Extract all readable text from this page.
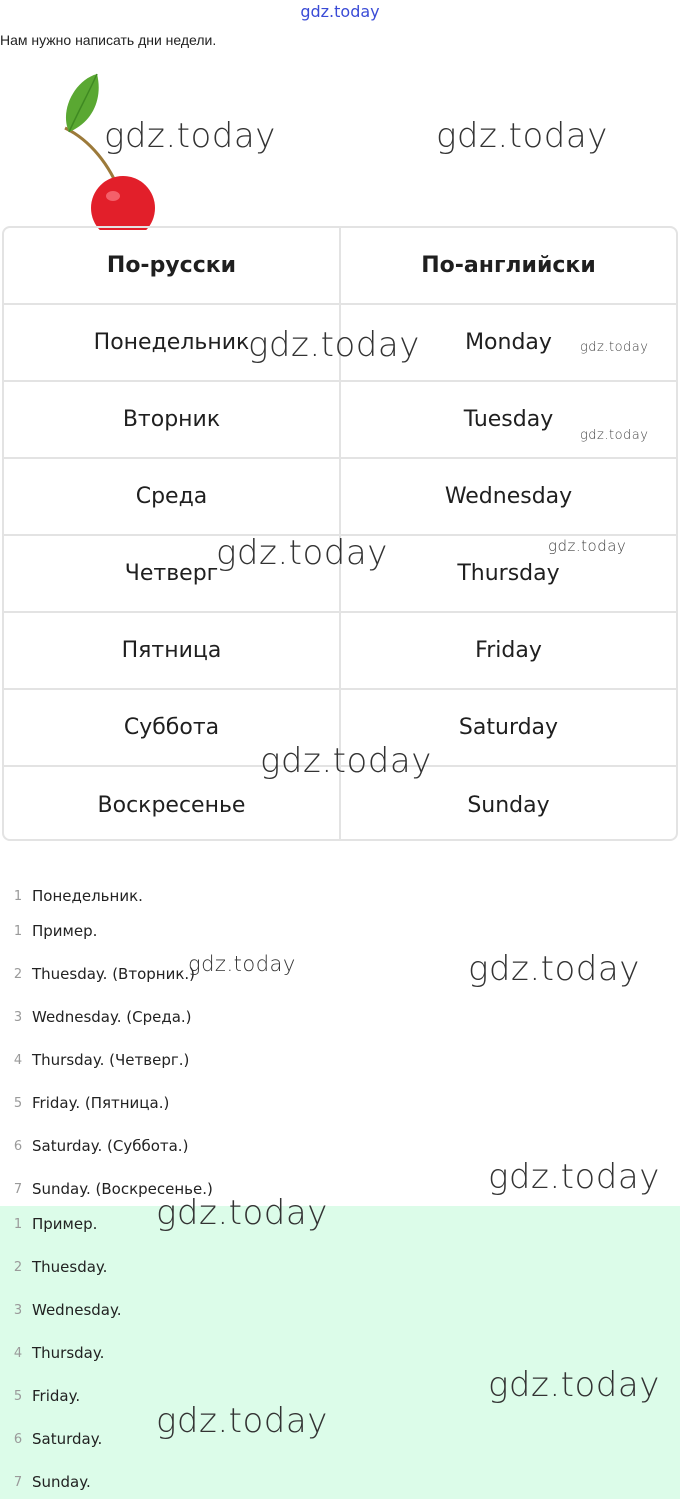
gdz.today
Нам нужно написать дни недели.
По-русски	По-английски
Понедельник	Monday
Вторник	Tuesday
Среда	Wednesday
Четверг	Thursday
Пятница	Friday
Суббота	Saturday
Воскресенье	Sunday
1 Понедельник.
1 Пример.
2 Thuesday. (Вторник.)
3 Wednesday. (Среда.)
4 Thursday. (Четверг.)
5 Friday. (Пятница.)
6 Saturday. (Суббота.)
7 Sunday. (Воскресенье.)
1 Пример.
2 Thuesday.
3 Wednesday.
4 Thursday.
5 Friday.
6 Saturday.
7 Sunday.
gdz.today	gdz.today
gdz.today	gdz.today
gdz.today
gdz.today	gdz.today
gdz.today
gdz.today	gdz.today
gdz.today
gdz.today
gdz.today
gdz.today
